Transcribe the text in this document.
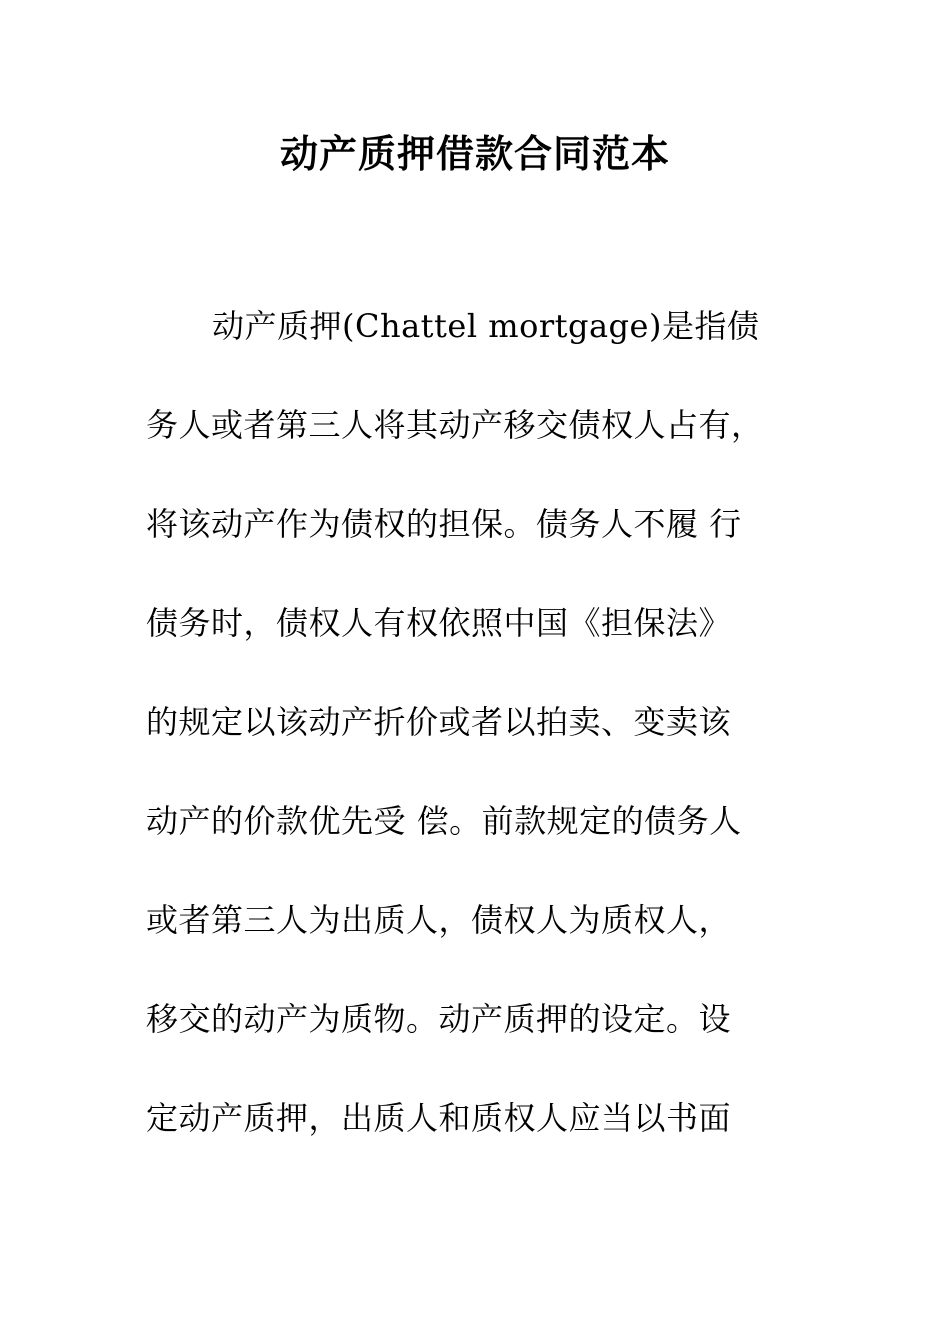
动产质押借款合同范本
动产质押(Chattel mortgage)是指债
务人或者第三人将其动产移交债权人占有，
将该动产作为债权的担保。债务人不履 行
债务时，债权人有权依照中国《担保法》
的规定以该动产折价或者以拍卖、变卖该
动产的价款优先受 偿。前款规定的债务人
或者第三人为出质人，债权人为质权人，
移交的动产为质物。动产质押的设定。设
定动产质押，出质人和质权人应当以书面
